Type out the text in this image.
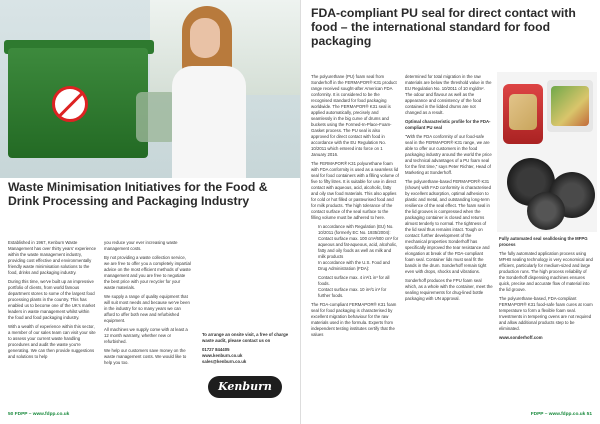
Waste Minimisation Initiatives for the Food & Drink Processing and Packaging Industry

Established in 1967, Kenburn Waste Management has over thirty years' experience within the waste management industry, providing cost effective and environmentally friendly waste minimisation solutions to the food, drinks and packaging industry.

During this time, we've built up an impressive portfolio of clients, from world famous department stores to some of the largest food processing plants in the country. This has enabled us to become one of the UK's market leaders in waste management whilst within the food and food packaging industry.

With a wealth of experience within this sector, a member of our sales team can visit your site to assess your current waste handling procedures and audit the waste you're generating. We can then provide suggestions and solutions to help

you reduce your ever increasing waste management costs.

By not providing a waste collection service, we are free to offer you a completely impartial advice on the most efficient methods of waste management and you are free to negotiate the best price with your recycler for your waste materials.

We supply a range of quality equipment that will suit most needs and because we've been in the industry for so many years we can afford to offer both new and refurbished equipment.

All machines we supply come with at least a 12 month warranty, whether new or refurbished.

We help our customers save money on the waste management costs. We would like to help you too.

To arrange an onsite visit, a free of charge waste audit, please contact us on

01727 844405

www.kenburn.co.uk

sales@kenburn.co.uk

Kenburn
50 FDPP – www.fdpp.co.uk
FDA-compliant PU seal for direct contact with food – the international standard for food packaging

The polyurethane (PU) foam seal from Sonderhoff in the FERMAPOR® K31 product range received sought-after American FDA conformity. It is considered to be the recognised standard for food packaging worldwide. The FERMAPOR® K31 seal is applied automatically, precisely and seamlessly in the big curve of drums and buckets using the Formed-In-Place-Foam-Gasket process. The PU seal is also approved for direct contact with food in accordance with the EU Regulation No. 10/2011 which entered into force on 1 January 2016.

The FERMAPOR® K31 polyurethane foam with FDA conformity is used as a seamless lid seal for food containers with a filling volume of five to fifty litres. It is suitable for use in direct contact with aqueous, acid, alcoholic, fatty and oily raw food materials. This also applies for cold or hot filled or pasteurised food and for milk products. The high tolerance of the contact surface of the seal surface to the filling volume must be adhered to here.

• In accordance with Regulation (EU) No. 10/2011 (formerly EC No. 1935/2004):
• Contact surface max. 100 cm²/600 cm³ for aqueous and fat-aqueous, acid, alcoholic, fatty and oily foods as well as milk and milk products
• In accordance with the U.S. Food and Drug Administration (FDA):
◦ Contact surface max. 4 in²/1 in³ for all foods.
◦ Contact surface max. 10 in²/1 in³ for further foods.

The FDA-compliant FERMAPOR® K31 foam seal for food packaging is characterised by excellent migration behaviour for the raw materials used in the formula. Experts from independent testing institutes certify that the values

determined for total migration in the raw materials are below the threshold value in the EU Regulation No. 10/2011 of 10 mg/dm². The odour and flavour as well as the appearance and consistency of the food contained in the lidded drums are not changed as a result.

Optimal characteristic profile for the FDA-compliant PU seal

"With the FDA conformity of our food-safe seal in the FERMAPOR® K31 range, we are able to offer our customers in the food packaging industry around the world the price and technical advantages of a PU foam seal for the first time," says Peter Richter, Head of Marketing at Sonderhoff.

The polyurethane-based FERMAPOR® K31 (shown) with FAD conformity is characterised by excellent adsorption, optimal adhesion to plastic and metal, and outstanding long-term resilience of the seal effect. The foam seal in the lid grooves is compressed when the packaging container is closed and returns almost tenderly to normal. The tightness of the lid seal thus remains intact. Tough on contact: further development of the mechanical properties Sonderhoff has specifically improved the tear resistance and elongation at break of the FDA-compliant foam seal. Container lids must seal fit the bands in the drum. Sonderhoff remain tight even with drops, shocks and vibrations.

Sonderhoff produces the FPU foam seal which, as a whole with the container, meet the sealing requirements for drug-lined bottle packaging with UN approval.

Fully automated seal seal/dosing the MFPG process

The fully automated application process using MFHB sealing technology is very economical and efficient, particularly for medium-sized and large production runs. The high process reliability of the Sonderhoff dispensing machines ensures quick, precise and accurate flow of material into the lid groove.

The polyurethane-based, FDA-compliant FERMAPOR® K31 food-safe foam cures at room temperature to form a flexible foam seal. Investments in tempering ovens are not required and allow additional products step to be eliminated.

www.sonderhoff.com

FDPP – www.fdpp.co.uk 51
